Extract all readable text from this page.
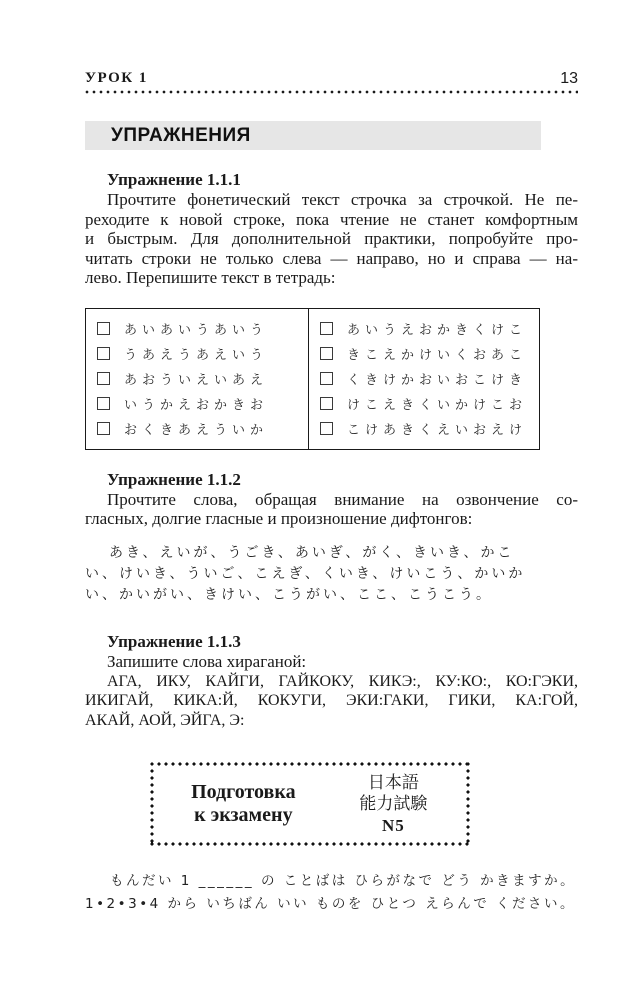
УРОК 1	13
УПРАЖНЕНИЯ
Упражнение 1.1.1
Прочтите фонетический текст строчка за строчкой. Не пе-
реходите к новой строке, пока чтение не станет комфортным
и быстрым. Для дополнительной практики, попробуйте про-
читать строки не только слева — направо, но и справа — на-
лево. Перепишите текст в тетрадь:
あいあいうあいう
うあえうあえいう
あおういえいあえ
いうかえおかきお
おくきあえういか
あいうえおかきくけこ
きこえかけいくおあこ
くきけかおいおこけき
けこえきくいかけこお
こけあきくえいおえけ
Упражнение 1.1.2
Прочтите слова, обращая внимание на озвончение со-
гласных, долгие гласные и произношение дифтонгов:
あき、えいが、うごき、あいぎ、がく、きいき、かこ
い、けいき、ういご、こえぎ、くいき、けいこう、かいか
い、かいがい、きけい、こうがい、ここ、こうこう。
Упражнение 1.1.3
Запишите слова хираганой:
АГА, ИКУ, КАЙГИ, ГАЙКОКУ, КИКЭ:, КУ:КО:, КО:ГЭКИ,
ИКИГАЙ, КИКА:Й, КОКУГИ, ЭКИ:ГАКИ, ГИКИ, КА:ГОЙ,
АКАЙ, АОЙ, ЭЙГА, Э:
Подготовка
к экзамену
日本語
能力試験
N5
もんだい 1 ______ の ことばは ひらがなで どう かきますか。
1•2•3•4 から いちばん いい ものを ひとつ えらんで ください。
